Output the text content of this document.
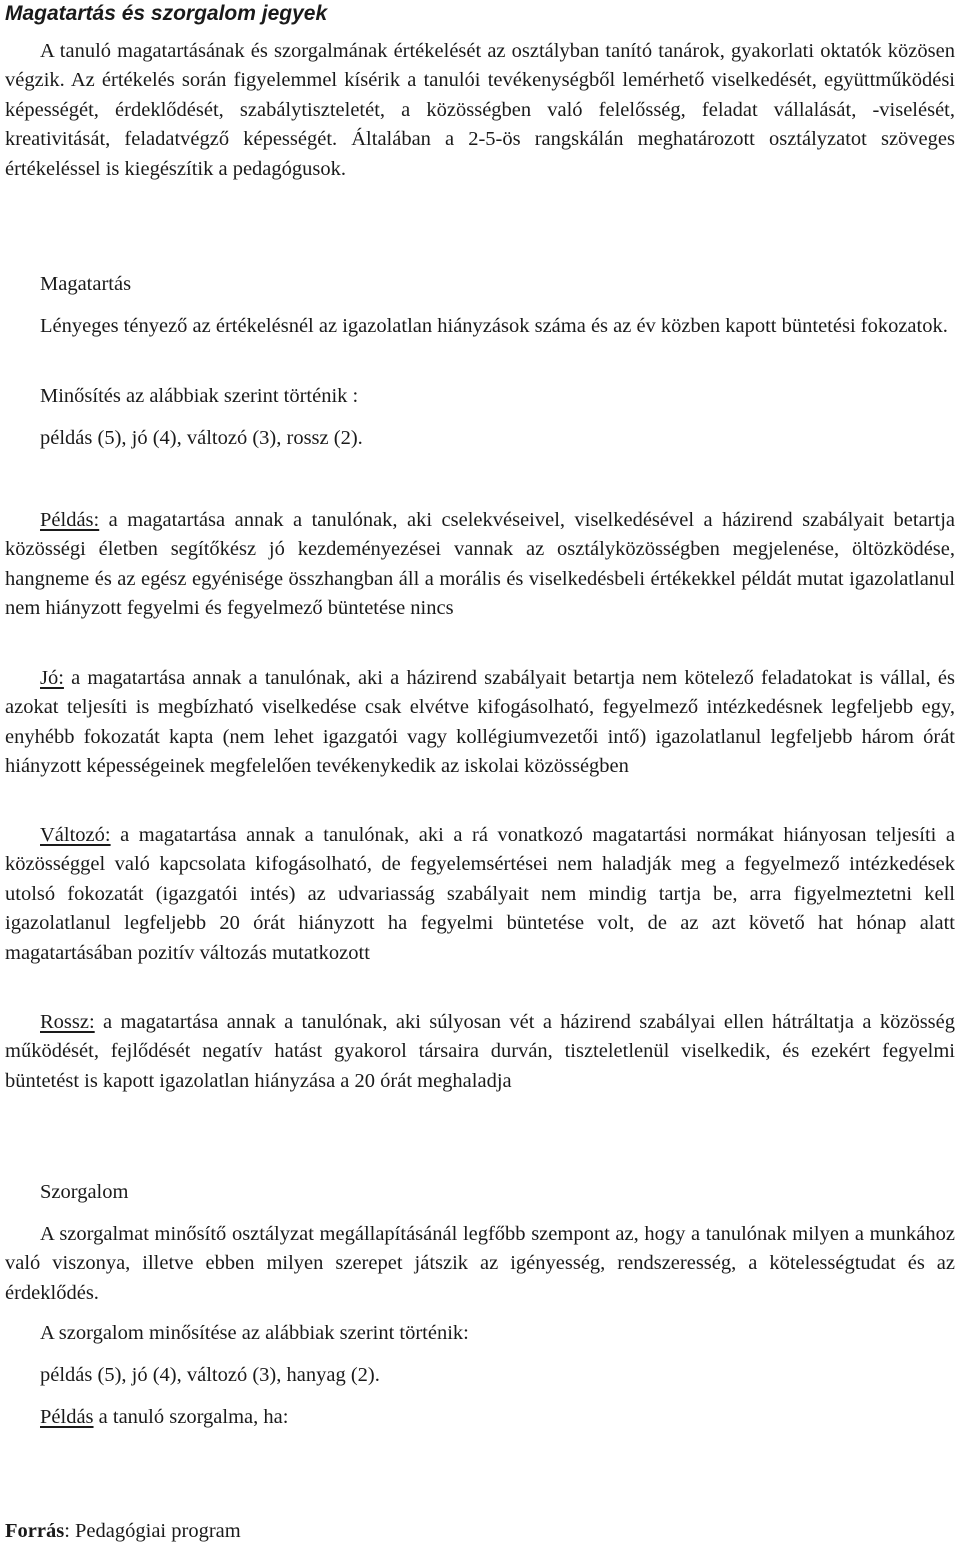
Magatartás és szorgalom jegyek

A tanuló magatartásának és szorgalmának értékelését az osztályban tanító tanárok, gyakorlati oktatók közösen végzik. Az értékelés során figyelemmel kísérik a tanulói tevékenységből lemérhető viselkedését, együttműködési képességét, érdeklődését, szabálytiszteletét, a közösségben való felelősség, feladat vállalását, -viselését, kreativitását, feladatvégző képességét. Általában a 2-5-ös rangskálán meghatározott osztályzatot szöveges értékeléssel is kiegészítik a pedagógusok.

Magatartás

Lényeges tényező az értékelésnél az igazolatlan hiányzások száma és az év közben kapott büntetési fokozatok.

Minősítés az alábbiak szerint történik :

példás (5), jó (4), változó (3), rossz (2).

Példás: a magatartása annak a tanulónak, aki cselekvéseivel, viselkedésével a házirend szabályait betartja közösségi életben segítőkész jó kezdeményezései vannak az osztályközösségben megjelenése, öltözködése, hangneme és az egész egyénisége összhangban áll a morális és viselkedésbeli értékekkel példát mutat igazolatlanul nem hiányzott fegyelmi és fegyelmező büntetése nincs

Jó: a magatartása annak a tanulónak, aki a házirend szabályait betartja nem kötelező feladatokat is vállal, és azokat teljesíti is megbízható viselkedése csak elvétve kifogásolható, fegyelmező intézkedésnek legfeljebb egy, enyhébb fokozatát kapta (nem lehet igazgatói vagy kollégiumvezetői intő) igazolatlanul legfeljebb három órát hiányzott képességeinek megfelelően tevékenykedik az iskolai közösségben

Változó: a magatartása annak a tanulónak, aki a rá vonatkozó magatartási normákat hiányosan teljesíti a közösséggel való kapcsolata kifogásolható, de fegyelemsértései nem haladják meg a fegyelmező intézkedések utolsó fokozatát (igazgatói intés) az udvariasság szabályait nem mindig tartja be, arra figyelmeztetni kell igazolatlanul legfeljebb 20 órát hiányzott ha fegyelmi büntetése volt, de az azt követő hat hónap alatt magatartásában pozitív változás mutatkozott

Rossz: a magatartása annak a tanulónak, aki súlyosan vét a házirend szabályai ellen hátráltatja a közösség működését, fejlődését negatív hatást gyakorol társaira durván, tiszteletlenül viselkedik, és ezekért fegyelmi büntetést is kapott igazolatlan hiányzása a 20 órát meghaladja

Szorgalom

A szorgalmat minősítő osztályzat megállapításánál legfőbb szempont az, hogy a tanulónak milyen a munkához való viszonya, illetve ebben milyen szerepet játszik az igényesség, rendszeresség, a kötelességtudat és az érdeklődés.

A szorgalom minősítése az alábbiak szerint történik:

példás (5), jó (4), változó (3), hanyag (2).

Példás a tanuló szorgalma, ha:

Forrás: Pedagógiai program
